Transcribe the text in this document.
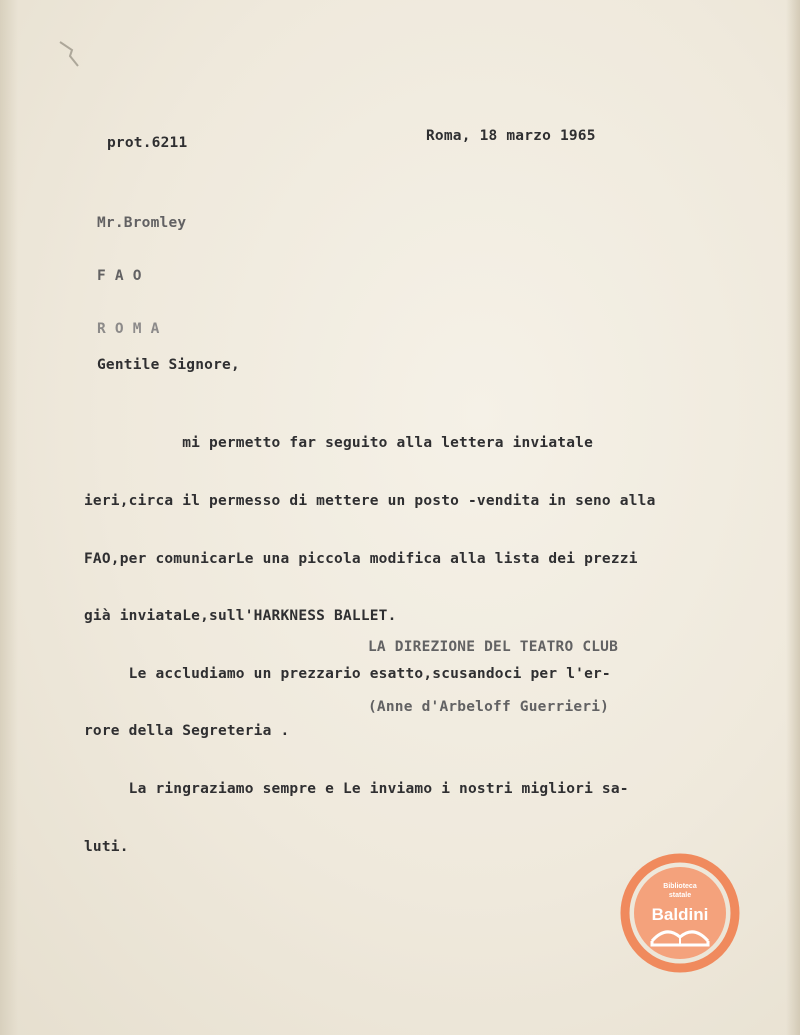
prot.6211	Roma, 18 marzo 1965

Mr.Bromley

F A O

R O M A

Gentile Signore,

mi permetto far seguito alla lettera inviatale

ieri,circa il permesso di mettere un posto -vendita in seno alla

FAO,per comunicarLe una piccola modifica alla lista dei prezzi

già inviataLe,sull'HARKNESS BALLET.

Le accludiamo un prezzario esatto,scusandoci per l'er-

rore della Segreteria .

La ringraziamo sempre e Le inviamo i nostri migliori sa-

luti.

LA DIREZIONE DEL TEATRO CLUB

(Anne d'Arbeloff Guerrieri)

Biblioteca
statale
Baldini
